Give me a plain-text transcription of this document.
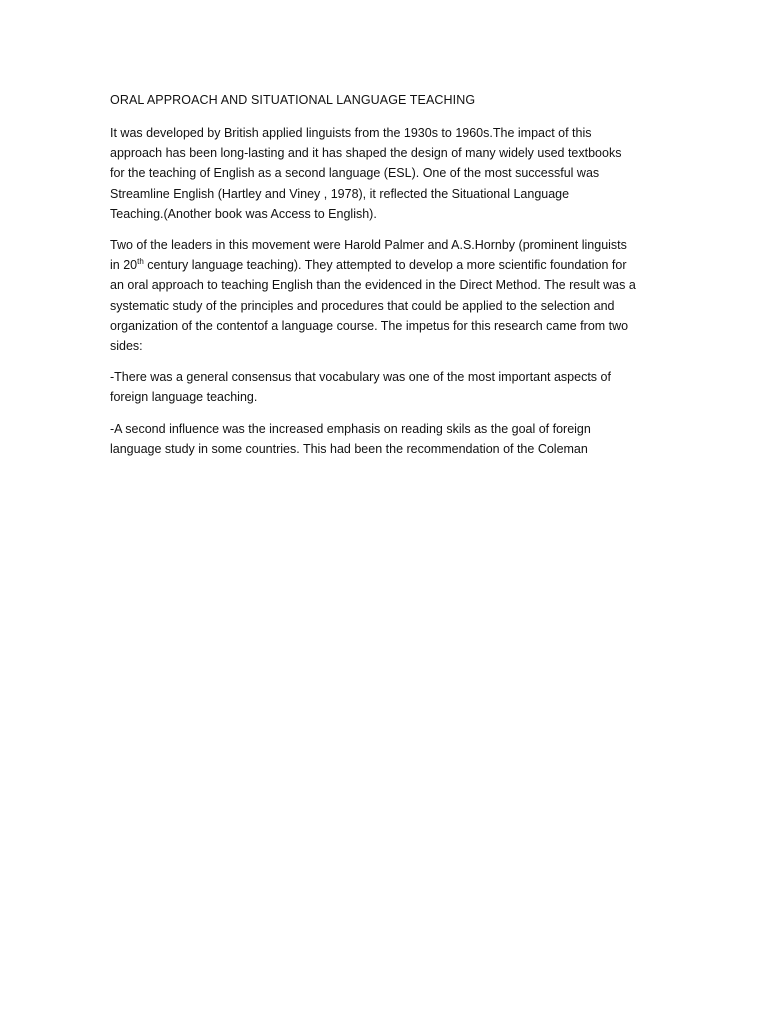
ORAL APPROACH AND SITUATIONAL LANGUAGE TEACHING

It was developed by British applied linguists from the 1930s to 1960s.The impact of this
approach has been long-lasting and it has shaped the design of many widely used textbooks
for the teaching of English as a second language (ESL). One of the most successful was
Streamline English (Hartley and Viney , 1978), it reflected the Situational Language
Teaching.(Another book was Access to English).

Two of the leaders in this movement were Harold Palmer and A.S.Hornby (prominent linguists
in 20th century language teaching). They attempted to develop a more scientific foundation for
an oral approach to teaching English than the evidenced in the Direct Method. The result was a
systematic study of the principles and procedures that could be applied to the selection and
organization of the contentof a language course. The impetus for this research came from two
sides:

-There was a general consensus that vocabulary was one of the most important aspects of
foreign language teaching.

-A second influence was the increased emphasis on reading skils as the goal of foreign
language study in some countries. This had been the recommendation of the Coleman
